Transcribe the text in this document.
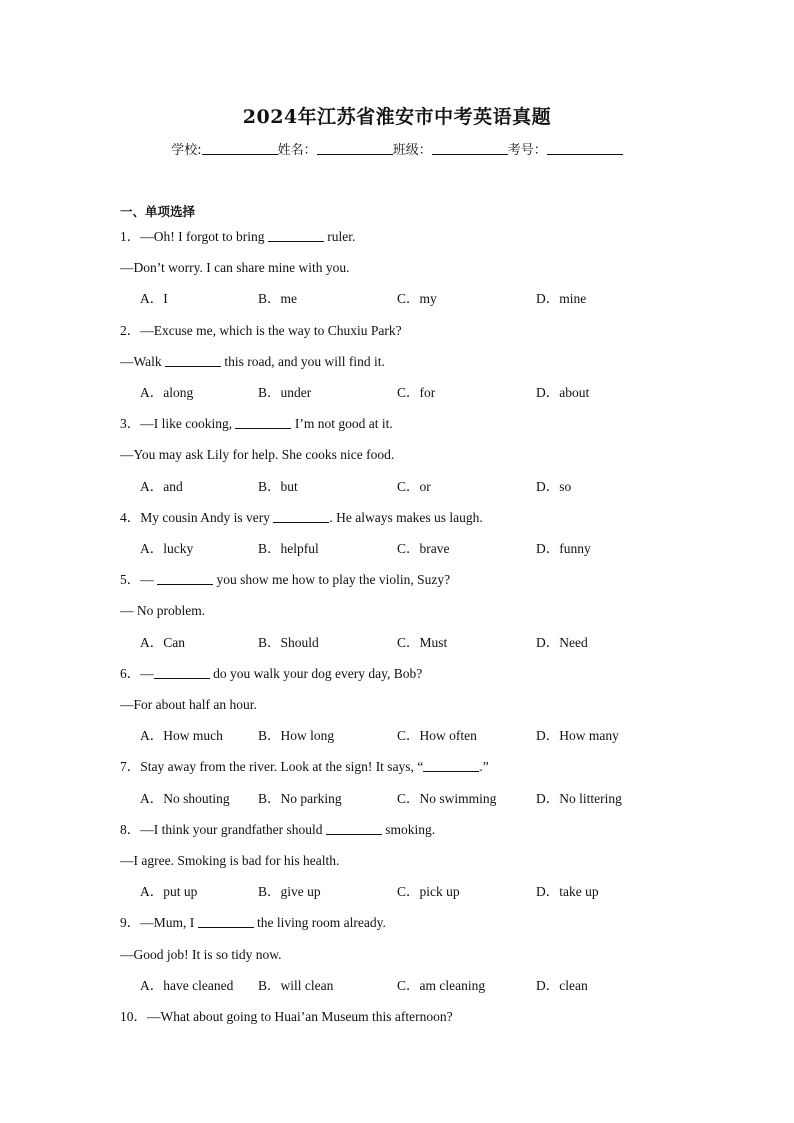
2024年江苏省淮安市中考英语真题
学校:	姓名：	班级：	考号：
一、单项选择
1．—Oh! I forgot to bring	ruler.
—Don’t worry. I can share mine with you.
A．I	B．me	C．my	D．mine
2．—Excuse me, which is the way to Chuxiu Park?
—Walk	this road, and you will find it.
A．along	B．under	C．for	D．about
3．—I like cooking,	I’m not good at it.
—You may ask Lily for help. She cooks nice food.
A．and	B．but	C．or	D．so
4．My cousin Andy is very	. He always makes us laugh.
A．lucky	B．helpful	C．brave	D．funny
5．—	you show me how to play the violin, Suzy?
— No problem.
A．Can	B．Should	C．Must	D．Need
6．—	do you walk your dog every day, Bob?
—For about half an hour.
A．How much	B．How long	C．How often	D．How many
7．Stay away from the river. Look at the sign! It says, “	.”
A．No shouting B．No parking	C．No swimming	D．No littering
8．—I think your grandfather should	smoking.
—I agree. Smoking is bad for his health.
A．put up	B．give up	C．pick up	D．take up
9．—Mum, I	the living room already.
—Good job! It is so tidy now.
A．have cleaned B．will clean	C．am cleaning	D．clean
10．—What about going to Huai’an Museum this afternoon?
